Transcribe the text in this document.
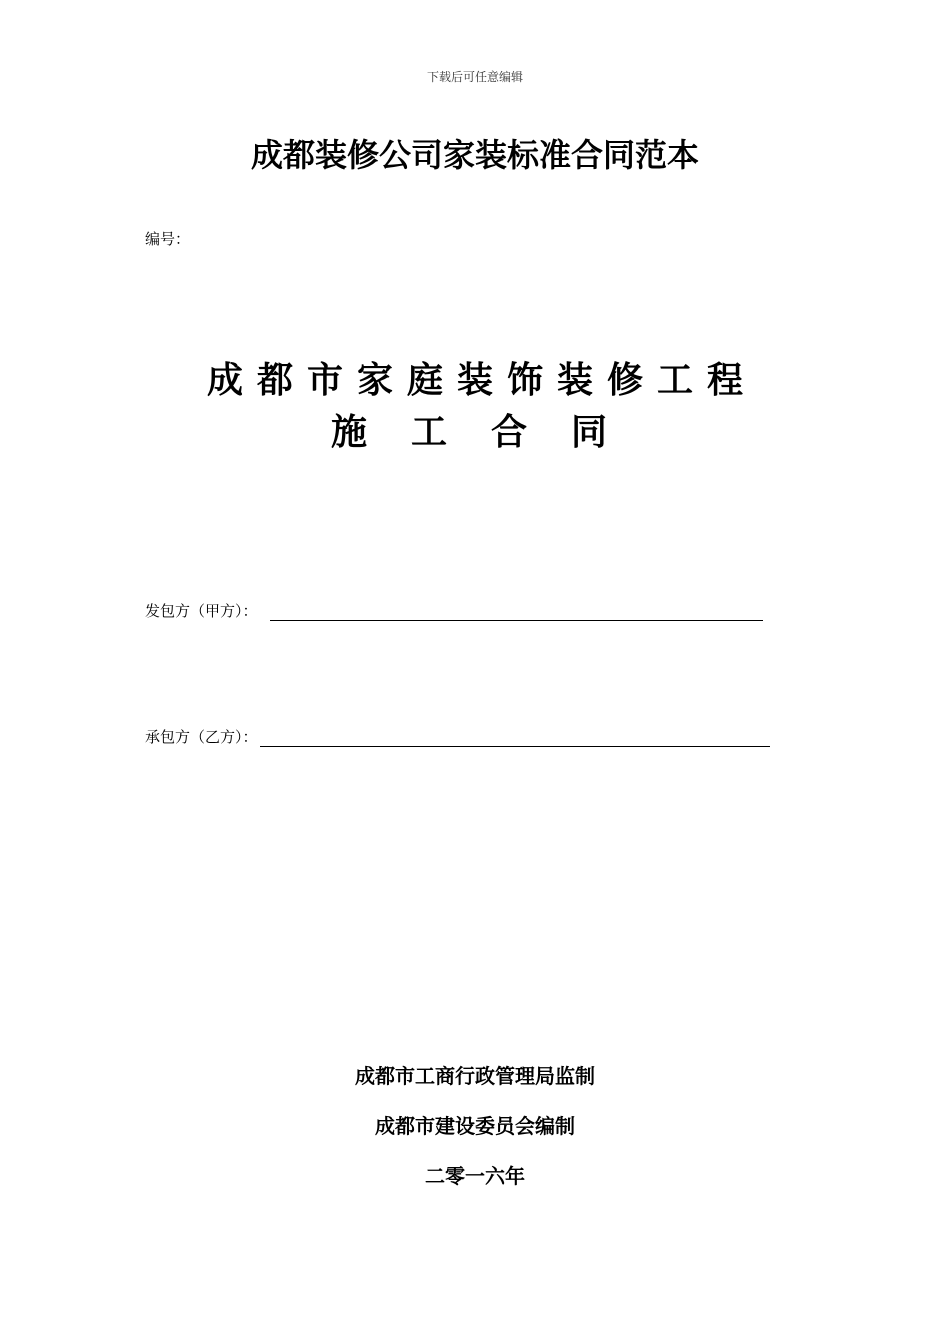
下载后可任意编辑
成都装修公司家装标准合同范本
编号：
成都市家庭装饰装修工程
施工合同
发包方（甲方）：
承包方（乙方）：
成都市工商行政管理局监制
成都市建设委员会编制
二零一六年
